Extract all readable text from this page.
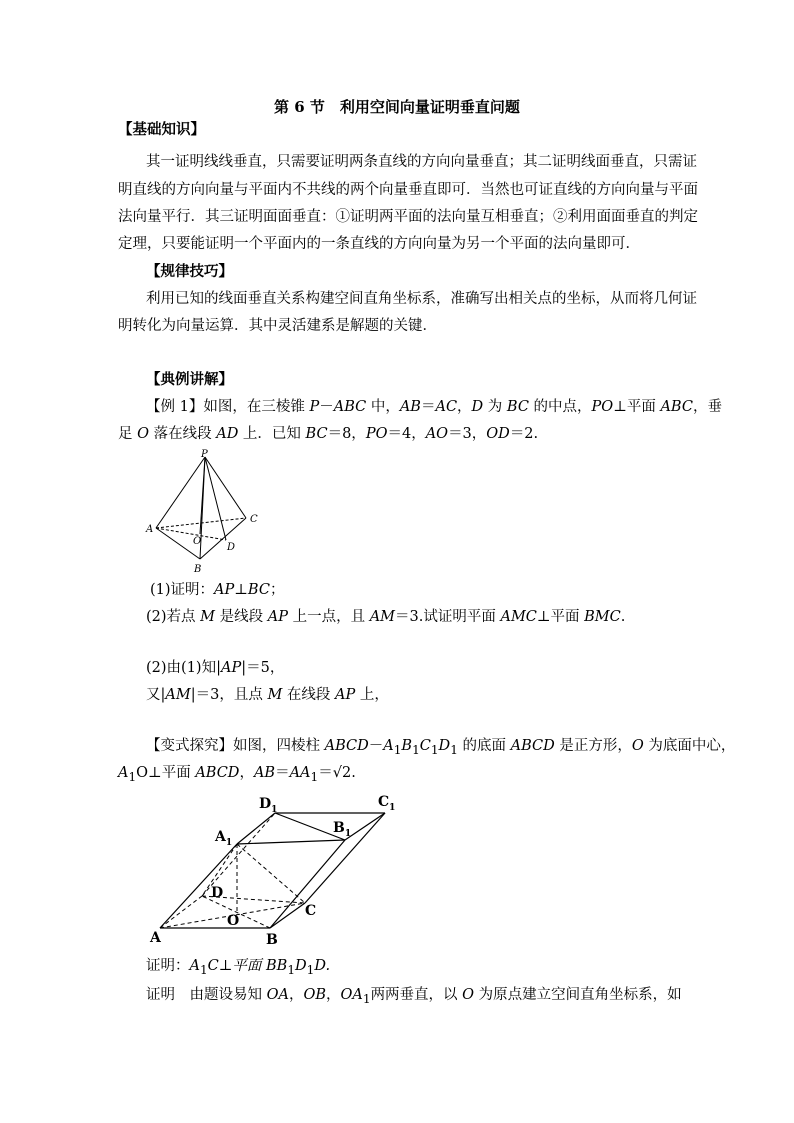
第 6 节　利用空间向量证明垂直问题
【基础知识】
其一证明线线垂直，只需要证明两条直线的方向向量垂直；其二证明线面垂直，只需证
明直线的方向向量与平面内不共线的两个向量垂直即可．当然也可证直线的方向向量与平面
法向量平行．其三证明面面垂直：①证明两平面的法向量互相垂直；②利用面面垂直的判定
定理，只要能证明一个平面内的一条直线的方向向量为另一个平面的法向量即可．
【规律技巧】
利用已知的线面垂直关系构建空间直角坐标系，准确写出相关点的坐标，从而将几何证
明转化为向量运算．其中灵活建系是解题的关键．
【典例讲解】
【例 1】如图，在三棱锥 P－ABC 中，AB＝AC，D 为 BC 的中点，PO⊥平面 ABC，垂
足 O 落在线段 AD 上．已知 BC＝8，PO＝4，AO＝3，OD＝2.
P
A
B
C
D
O
(1)证明：AP⊥BC；
(2)若点 M 是线段 AP 上一点，且 AM＝3.试证明平面 AMC⊥平面 BMC.
(2)由(1)知|AP|＝5，
又|AM|＝3，且点 M 在线段 AP 上，
【变式探究】如图，四棱柱 $ABCD-A_1B_1C_1D_1$ 的底面 ABCD 是正方形，O 为底面中心，
$A_1O\perp$平面 ABCD，$AB=AA_1=√2$.
A	B
C
D
O
$A_1$
$B_1$
$C_1$
$D_1$
证明：$A_1C\perp$平面 $BB_1D_1D$.
证明　由题设易知 OA，OB，$OA_1$两两垂直，以 O 为原点建立空间直角坐标系，如
